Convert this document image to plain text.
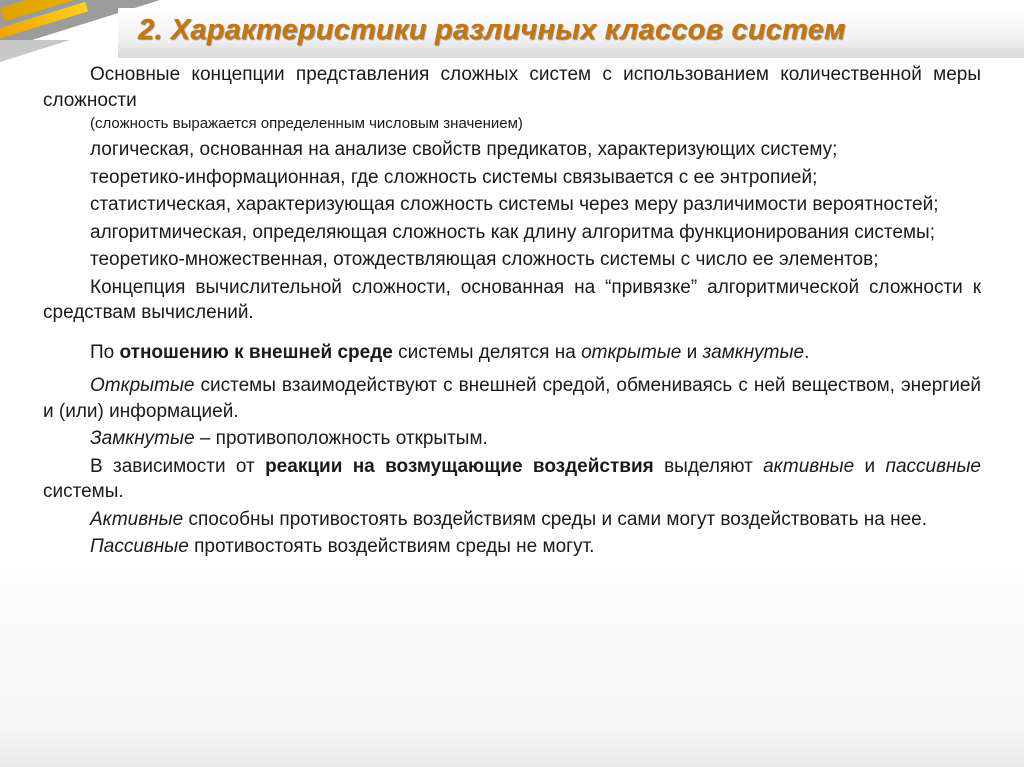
2. Характеристики различных классов систем

Основные концепции представления сложных систем с использованием количественной меры сложности

(сложность выражается определенным числовым значением)

логическая, основанная на анализе свойств предикатов, характеризующих систему;

теоретико-информационная, где сложность системы связывается с ее энтропией;

статистическая, характеризующая сложность системы через меру различимости вероятностей;

алгоритмическая, определяющая сложность как длину алгоритма функционирования системы;

теоретико-множественная, отождествляющая сложность системы с число ее элементов;

Концепция вычислительной сложности, основанная на “привязке” алгоритмической сложности к средствам вычислений.

По отношению к внешней среде системы делятся на открытые и замкнутые.

Открытые системы взаимодействуют с внешней средой, обмениваясь с ней веществом, энергией и (или) информацией.

Замкнутые – противоположность открытым.

В зависимости от реакции на возмущающие воздействия выделяют активные и пассивные системы.

Активные способны противостоять воздействиям среды и сами могут воздействовать на нее.

Пассивные противостоять воздействиям среды не могут.
